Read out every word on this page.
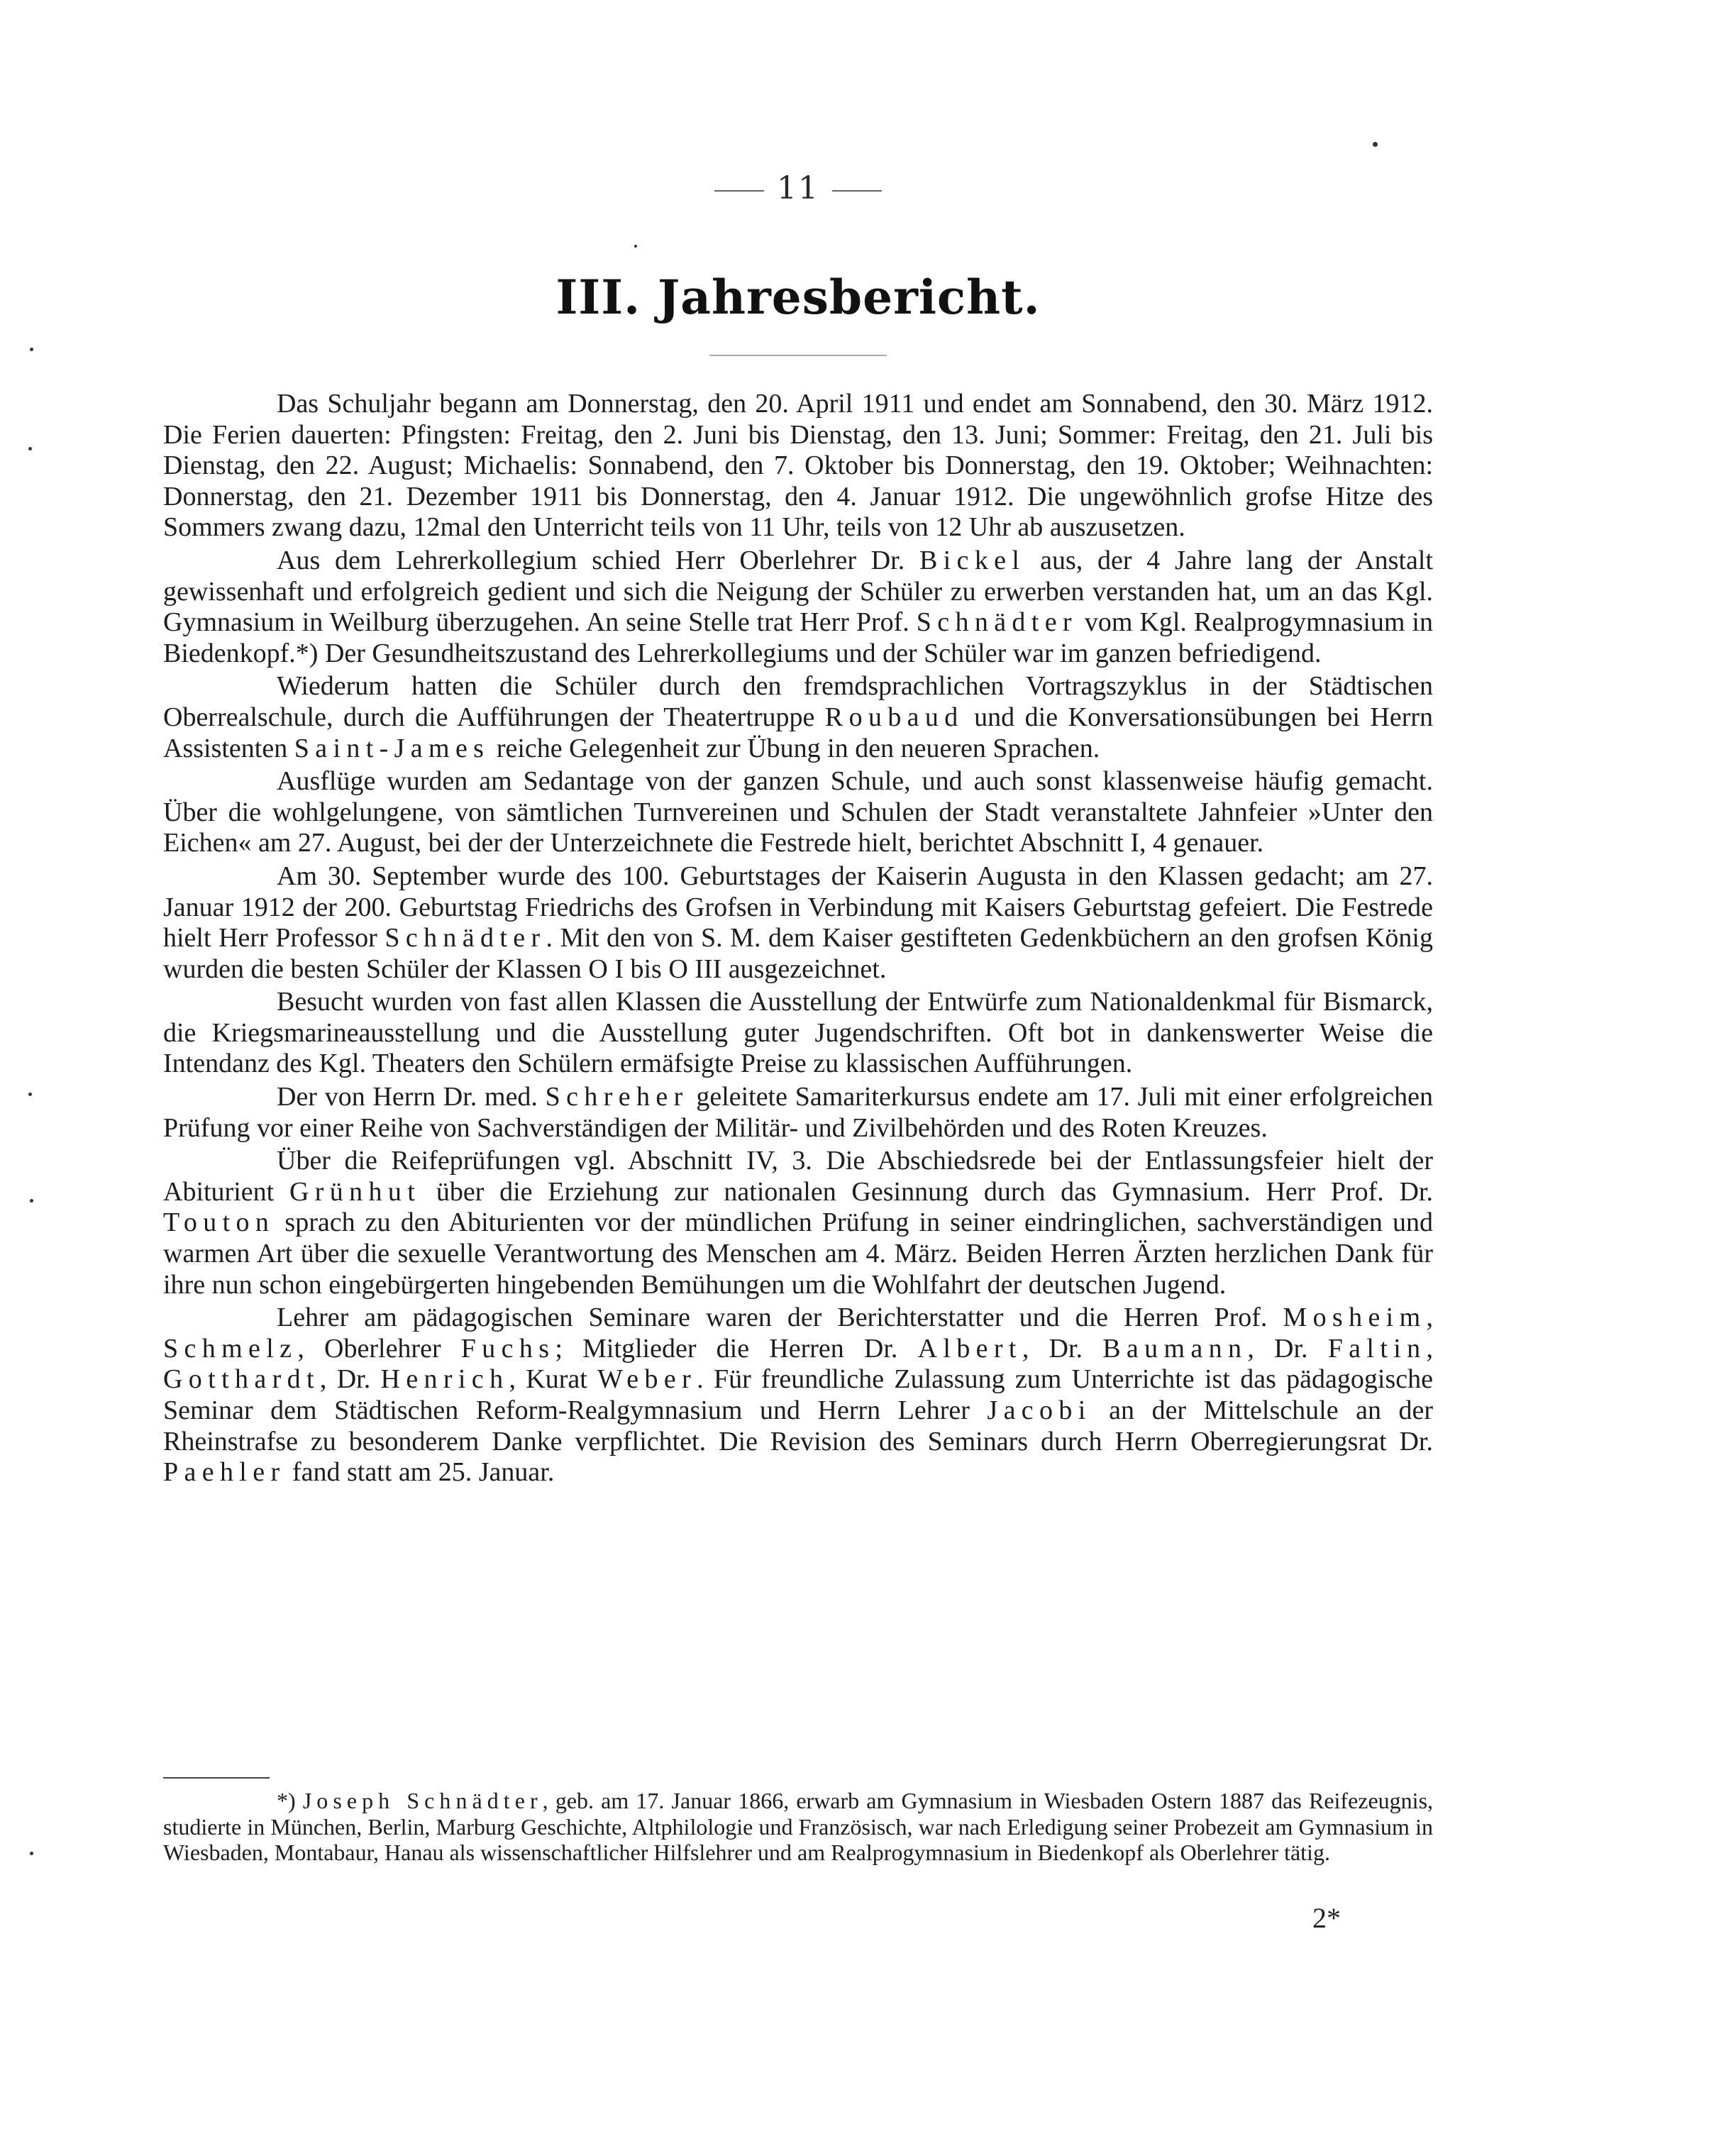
11
III. Jahresbericht.

Das Schuljahr begann am Donnerstag, den 20. April 1911 und endet am Sonnabend, den 30. März 1912. Die Ferien dauerten: Pfingsten: Freitag, den 2. Juni bis Dienstag, den 13. Juni; Sommer: Freitag, den 21. Juli bis Dienstag, den 22. August; Michaelis: Sonnabend, den 7. Oktober bis Donnerstag, den 19. Oktober; Weihnachten: Donnerstag, den 21. Dezember 1911 bis Donnerstag, den 4. Januar 1912. Die ungewöhnlich grofse Hitze des Sommers zwang dazu, 12mal den Unterricht teils von 11 Uhr, teils von 12 Uhr ab auszusetzen.

Aus dem Lehrerkollegium schied Herr Oberlehrer Dr. Bickel aus, der 4 Jahre lang der Anstalt gewissenhaft und erfolgreich gedient und sich die Neigung der Schüler zu erwerben verstanden hat, um an das Kgl. Gymnasium in Weilburg überzugehen. An seine Stelle trat Herr Prof. Schnädter vom Kgl. Realprogymnasium in Biedenkopf.*) Der Gesundheitszustand des Lehrerkollegiums und der Schüler war im ganzen befriedigend.

Wiederum hatten die Schüler durch den fremdsprachlichen Vortragszyklus in der Städtischen Oberrealschule, durch die Aufführungen der Theatertruppe Roubaud und die Konversationsübungen bei Herrn Assistenten Saint-James reiche Gelegenheit zur Übung in den neueren Sprachen.

Ausflüge wurden am Sedantage von der ganzen Schule, und auch sonst klassenweise häufig gemacht. Über die wohlgelungene, von sämtlichen Turnvereinen und Schulen der Stadt veranstaltete Jahnfeier »Unter den Eichen« am 27. August, bei der der Unterzeichnete die Festrede hielt, berichtet Abschnitt I, 4 genauer.

Am 30. September wurde des 100. Geburtstages der Kaiserin Augusta in den Klassen gedacht; am 27. Januar 1912 der 200. Geburtstag Friedrichs des Grofsen in Verbindung mit Kaisers Geburtstag gefeiert. Die Festrede hielt Herr Professor Schnädter. Mit den von S. M. dem Kaiser gestifteten Gedenkbüchern an den grofsen König wurden die besten Schüler der Klassen O I bis O III ausgezeichnet.

Besucht wurden von fast allen Klassen die Ausstellung der Entwürfe zum Nationaldenkmal für Bismarck, die Kriegsmarineausstellung und die Ausstellung guter Jugendschriften. Oft bot in dankenswerter Weise die Intendanz des Kgl. Theaters den Schülern ermäfsigte Preise zu klassischen Aufführungen.

Der von Herrn Dr. med. Schreher geleitete Samariterkursus endete am 17. Juli mit einer erfolgreichen Prüfung vor einer Reihe von Sachverständigen der Militär- und Zivilbehörden und des Roten Kreuzes.

Über die Reifeprüfungen vgl. Abschnitt IV, 3. Die Abschiedsrede bei der Entlassungsfeier hielt der Abiturient Grünhut über die Erziehung zur nationalen Gesinnung durch das Gymnasium. Herr Prof. Dr. Touton sprach zu den Abiturienten vor der mündlichen Prüfung in seiner eindringlichen, sachverständigen und warmen Art über die sexuelle Verantwortung des Menschen am 4. März. Beiden Herren Ärzten herzlichen Dank für ihre nun schon eingebürgerten hingebenden Bemühungen um die Wohlfahrt der deutschen Jugend.

Lehrer am pädagogischen Seminare waren der Berichterstatter und die Herren Prof. Mosheim, Schmelz, Oberlehrer Fuchs; Mitglieder die Herren Dr. Albert, Dr. Baumann, Dr. Faltin, Gotthardt, Dr. Henrich, Kurat Weber. Für freundliche Zulassung zum Unterrichte ist das pädagogische Seminar dem Städtischen Reform-Realgymnasium und Herrn Lehrer Jacobi an der Mittelschule an der Rheinstrafse zu besonderem Danke verpflichtet. Die Revision des Seminars durch Herrn Oberregierungsrat Dr. Paehler fand statt am 25. Januar.

*) Joseph Schnädter, geb. am 17. Januar 1866, erwarb am Gymnasium in Wiesbaden Ostern 1887 das Reifezeugnis, studierte in München, Berlin, Marburg Geschichte, Altphilologie und Französisch, war nach Erledigung seiner Probezeit am Gymnasium in Wiesbaden, Montabaur, Hanau als wissenschaftlicher Hilfslehrer und am Realprogymnasium in Biedenkopf als Oberlehrer tätig.

2*
